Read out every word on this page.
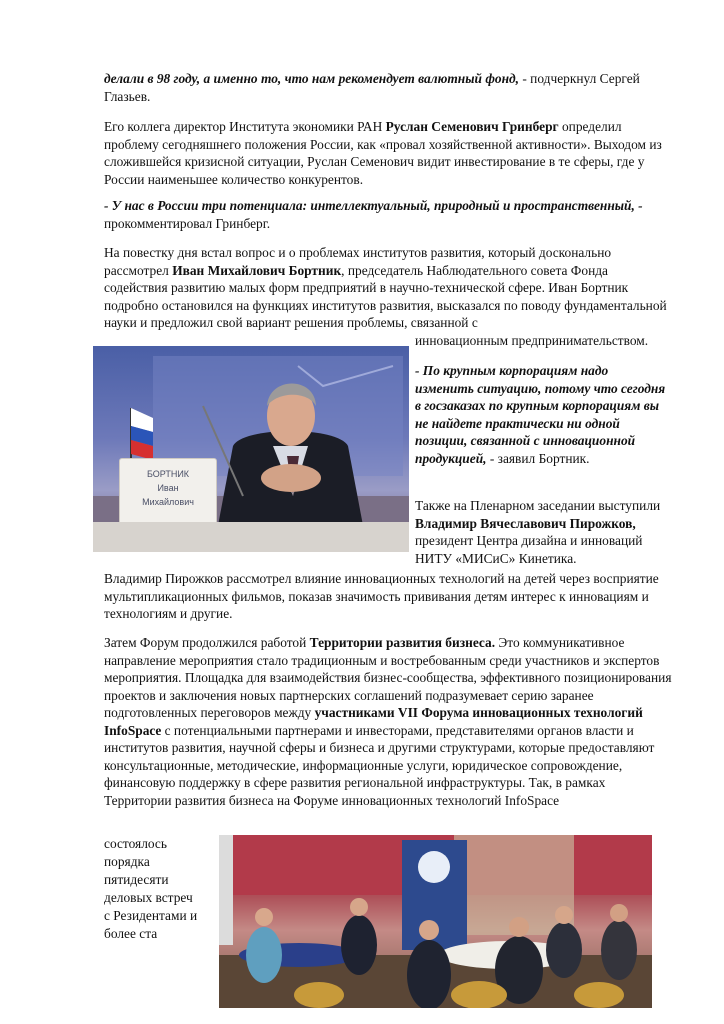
делали в 98 году, а именно то, что нам рекомендует валютный фонд, - подчеркнул Сергей Глазьев.

Его коллега директор Института экономики РАН Руслан Семенович Гринберг определил проблему сегодняшнего положения России, как «провал хозяйственной активности». Выходом из сложившейся кризисной ситуации, Руслан Семенович видит инвестирование в те сферы, где у России наименьшее количество конкурентов.

- У нас в России три потенциала: интеллектуальный, природный и пространственный, - прокомментировал Гринберг.

На повестку дня встал вопрос и о проблемах институтов развития, который досконально рассмотрел Иван Михайлович Бортник, председатель Наблюдательного совета Фонда содействия развитию малых форм предприятий в научно-технической сфере. Иван Бортник подробно остановился на функциях институтов развития, высказался по поводу фундаментальной науки и предложил свой вариант решения проблемы, связанной с

инновационным предпринимательством.

БОРТНИК
Иван
Михайлович

- По крупным корпорациям надо изменить ситуацию, потому что сегодня в госзаказах по крупным корпорациям вы не найдете практически ни одной позиции, связанной с инновационной продукцией, - заявил Бортник.

Также на Пленарном заседании выступили Владимир Вячеславович Пирожков, президент Центра дизайна и инноваций НИТУ «МИСиС» Кинетика.

Владимир Пирожков рассмотрел влияние инновационных технологий на детей через восприятие мультипликационных фильмов, показав значимость прививания детям интерес к инновациям и технологиям и другие.

Затем Форум продолжился работой Территории развития бизнеса. Это коммуникативное направление мероприятия стало традиционным и востребованным среди участников и экспертов мероприятия. Площадка для взаимодействия бизнес-сообщества, эффективного позиционирования проектов и заключения новых партнерских соглашений подразумевает серию заранее подготовленных переговоров между участниками VII Форума инновационных технологий InfoSpace с потенциальными партнерами и инвесторами, представителями органов власти и институтов развития, научной сферы и бизнеса и другими структурами, которые предоставляют консультационные, методические, информационные услуги, юридическое сопровождение, финансовую поддержку в сфере развития региональной инфраструктуры. Так, в рамках Территории развития бизнеса на Форуме инновационных технологий InfoSpace

состоялось
порядка
пятидесяти
деловых встреч
с Резидентами и
более ста
